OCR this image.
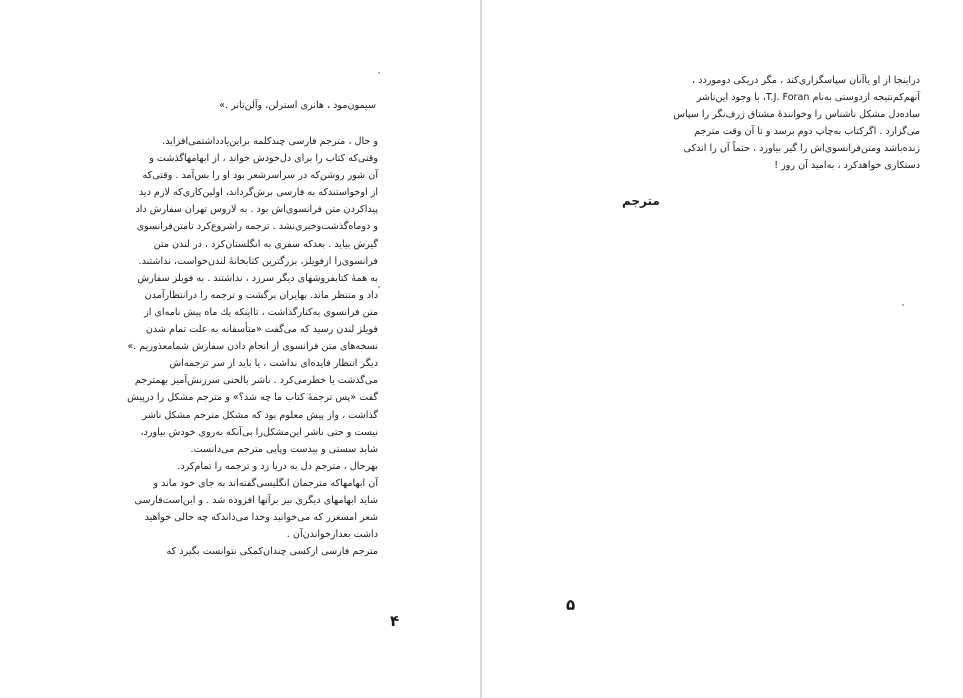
سیمون‌مود ، هانری استرلن‌، وآلن‌تانر .»
و حال ، مترجم فارسی چندکلمه براین‌یادداشتمی‌افزاید.
وقتی‌که کتاب را برای دل‌خودش خواند ، از ابهامها‌گذشت و
آن شور روشن‌که در سراسرشعر بود او را بس‌آمد . وقتی‌که
از اوخواستندکه به فارسی برش‌گرداند، اولین‌کاری‌که لازم دید
پیداکردن متن فرانسوی‌اش بود . به لاروس تهران سفارش داد
و دوماه‌گذشت‌وخبری‌نشد . ترجمه را‌شروع‌کرد تامتن‌فرانسوی
گیرش بیاید . بعدکه سفری به انگلستان‌کرد ، در لندن متن
فرانسوی‌را ازفویلز، بزرگترین کتابخانهٔ لندن‌خواست، نداشتند.
به همهٔ کتابفروشهای دیگر سرزد ، نداشتند . به فویلز سفارش
داد و منتظر ماند. بهایران برگشت و ترجمه را درانتظارآمدن
متن فرانسوی به‌کنارگذاشت ، تااینکه یك ماه پیش نامه‌ای از
فویلز لندن رسید که می‌گفت «متأسفانه به علت تمام شدن
نسخه‌های متن فرانسوی از انجام دادن سفارش شمامعذوریم .»
دیگر انتظار فایده‌ای نداشت ، یا باید از سر ترجمه‌اش
می‌گذشت یا خطرمی‌کرد . ناشر بالحنی سرزنش‌آمیز بهمترجم
گفت «پس ترجمهٔ کتاب ما چه شد؟» و مترجم مشکل را درپیش
گذاشت ، واز پیش معلوم بود که مشکل مترجم مشکل ناشر
نیست و حتی ناشر این‌مشکل‌را بی‌آنکه بەروی خودش بیاورد،
شاید سستی و بیدست وپایی مترجم می‌دانست.
بهرحال ، مترجم دل به دریا زد و ترجمه را تمام‌کرد.
آن ابهامهاکه مترجمان انگلیسی‌گفته‌اند به جای خود ماند و
شاید ابهامهای دیگری نیز برآنها افزوده شد . و این‌است‌فارسی
شعر امسعزر که می‌خوانید وخدا می‌داندکه چه حالی خواهید
داشت بعدازخواندن‌آن .
مترجم فارسی ازکسی چندان‌کمکی نتوانست بگیرد که
۴
درا‌ینجا از او یاآنان سپاسگزاری‌کند ، مگر دریکی دوموردد ،
آنهم‌کم‌نتیجه ازدوستی به‌نام T.J. Foran، با وجود این‌ناشر
ساده‌دل مشکل ناشناس را وخواننده‌ٔ مشتاق ژرف‌نگر را سپاس
می‌گزارد . اگرکتاب به‌چاپ دوم برسد و تا آن وقت مترجم
زنده‌باشد ومتن‌فرانسوی‌اش را گیر بیاورد ، حتماً آن را اندکی
دستکاری خواهدکرد ، به‌امید آن روز !
مترجم
۵
